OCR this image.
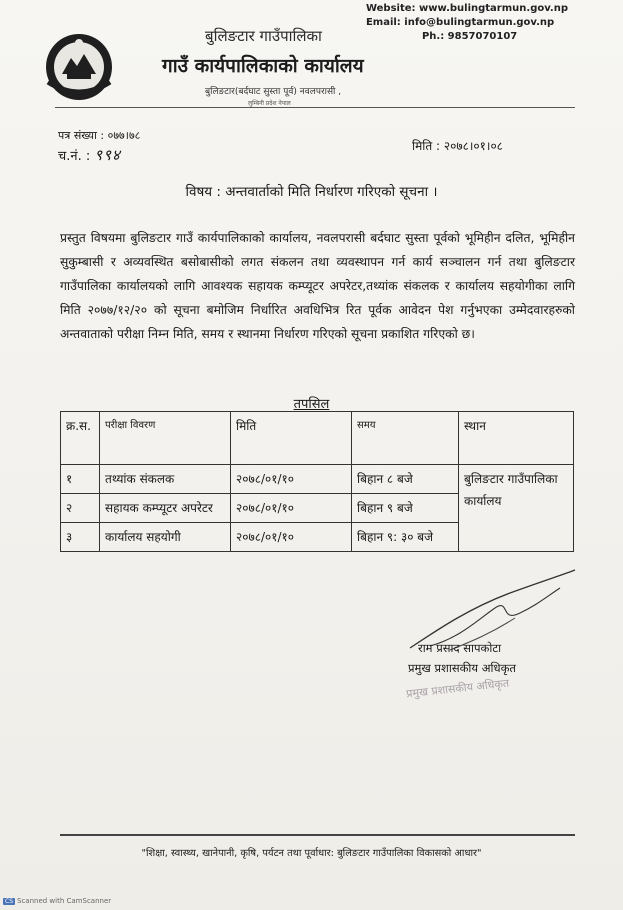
Website: www.bulingtarmun.gov.np
Email: info@bulingtarmun.gov.np
Ph.: 9857070107
बुलिङटार गाउँपालिका
गाउँ कार्यपालिकाको कार्यालय
बुलिङटार(बर्दघाट सुस्ता पूर्व) नवलपरासी ,
लुम्बिनी प्रदेश नेपाल
पत्र संख्या : ०७७।७८
च.नं. : ९९४	मिति : २०७८।०१।०८
विषय : अन्तवार्ताको मिति निर्धारण गरिएको सूचना ।
प्रस्तुत विषयमा बुलिङटार गाउँ कार्यपालिकाको कार्यालय, नवलपरासी बर्दघाट सुस्ता पूर्वको भूमिहीन दलित, भूमिहीन सुकुम्बासी र अव्यवस्थित बसोबासीको लगत संकलन तथा व्यवस्थापन गर्न कार्य सञ्चालन गर्न तथा बुलिङटार गाउँपालिका कार्यालयको लागि आवश्यक सहायक कम्प्यूटर अपरेटर,तथ्यांक संकलक र कार्यालय सहयोगीका लागि मिति २०७७/१२/२० को सूचना बमोजिम निर्धारित अवधिभित्र रित पूर्वक आवेदन पेश गर्नुभएका उम्मेदवारहरुको अन्तवाताको परीक्षा निम्न मिति, समय र स्थानमा निर्धारण गरिएको सूचना प्रकाशित गरिएको छ।
तपसिल
क्र.स.	परीक्षा विवरण	मिति	समय	स्थान
१	तथ्यांक संकलक	२०७८/०१/१०	बिहान ८ बजे	बुलिङटार गाउँपालिका कार्यालय
२	सहायक कम्प्यूटर अपरेटर	२०७८/०१/१०	बिहान ९ बजे	
३	कार्यालय सहयोगी	२०७८/०१/१०	बिहान ९: ३० बजे	
राम प्रसाद सापकोटा
प्रमुख प्रशासकीय अधिकृत
प्रमुख प्रशासकीय अधिकृत
"शिक्षा, स्वास्थ्य, खानेपानी, कृषि, पर्यटन तथा पूर्वाधार: बुलिङटार गाउँपालिका विकासको आधार"
CS Scanned with CamScanner
